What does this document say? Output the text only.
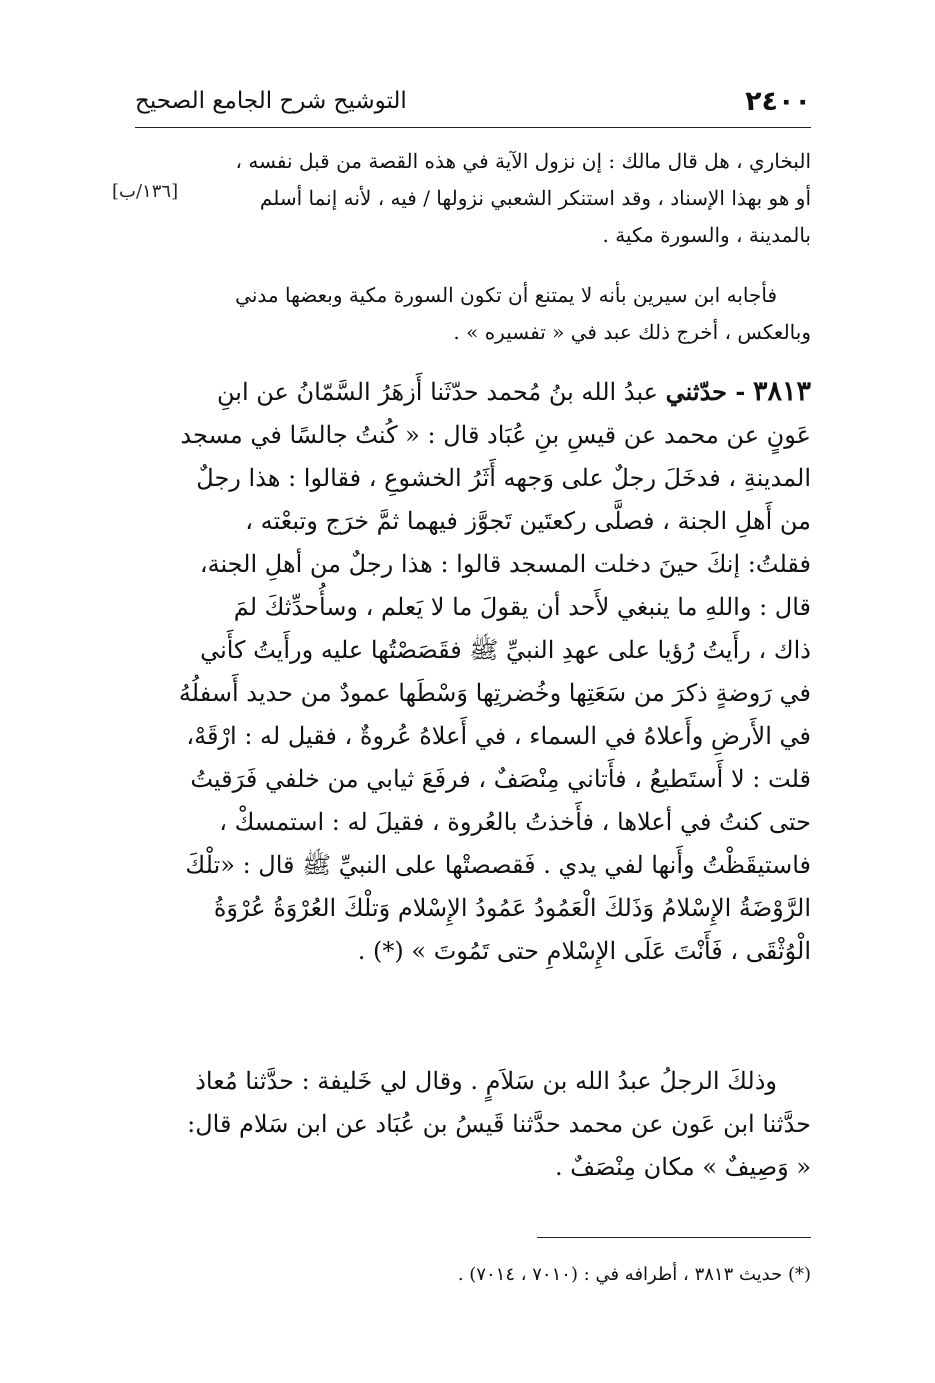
٢٤٠٠
التوشيح شرح الجامع الصحيح
[١٣٦/ب]
البخاري ، هل قال مالك : إن نزول الآية في هذه القصة من قبل نفسه ،
أو هو بهذا الإسناد ، وقد استنكر الشعبي نزولها / فيه ، لأنه إنما أسلم
بالمدينة ، والسورة مكية .
فأجابه ابن سيرين بأنه لا يمتنع أن تكون السورة مكية وبعضها مدني
وبالعكس ، أخرج ذلك عبد في « تفسيره » .
٣٨١٣ - حدّثني عبدُ الله بنُ مُحمد حدّثَنا أَزهَرُ السَّمّانُ عن ابنِ
عَونٍ عن محمد عن قيسِ بنِ عُبَاد قال : « كُنتُ جالسًا في مسجد
المدينةِ ، فدخَلَ رجلٌ على وَجهه أَثَرُ الخشوعِ ، فقالوا : هذا رجلٌ
من أَهلِ الجنة ، فصلَّى ركعتَين تَجوَّز فيهما ثمَّ خرَج وتبعْته ،
فقلتُ: إنكَ حينَ دخلت المسجد قالوا : هذا رجلٌ من أهلِ الجنة،
قال : واللهِ ما ينبغي لأَحد أن يقولَ ما لا يَعلم ، وسأُحدِّثكَ لمَ
ذاك ، رأَيتُ رُؤيا على عهدِ النبيِّ ﷺ فقَصَصْتُها عليه ورأَيتُ كأَني
في رَوضةٍ ذكرَ من سَعَتِها وخُضرتِها وَسْطَها عمودٌ من حديد أَسفلُهُ
في الأَرضِ وأَعلاهُ في السماء ، في أَعلاهُ عُروةٌ ، فقيل له : ارْقَهْ،
قلت : لا أَستَطيعُ ، فأَتاني مِنْصَفٌ ، فرفَعَ ثيابي من خلفي فَرَقيتُ
حتى كنتُ في أعلاها ، فأَخذتُ بالعُروة ، فقيلَ له : استمسكْ ،
فاستيقَظْتُ وأَنها لفي يدي . فَقصصتْها على النبيِّ ﷺ قال : «تلْكَ
الرَّوْضَةُ الإِسْلامُ وَذَلكَ الْعَمُودُ عَمُودُ الإِسْلام وَتلْكَ العُرْوَةُ عُرْوَةُ
الْوُثْقَى ، فَأَنْتَ عَلَى الإِسْلامِ حتى تَمُوتَ » (*) .
وذلكَ الرجلُ عبدُ الله بن سَلاَمٍ . وقال لي خَليفة : حدَّثنا مُعاذ
حدَّثنا ابن عَون عن محمد حدَّثنا قَيسُ بن عُبَاد عن ابن سَلام قال:
« وَصِيفٌ » مكان مِنْصَفٌ .
(*) حديث ٣٨١٣ ، أطرافه في : (٧٠١٠ ، ٧٠١٤) .
